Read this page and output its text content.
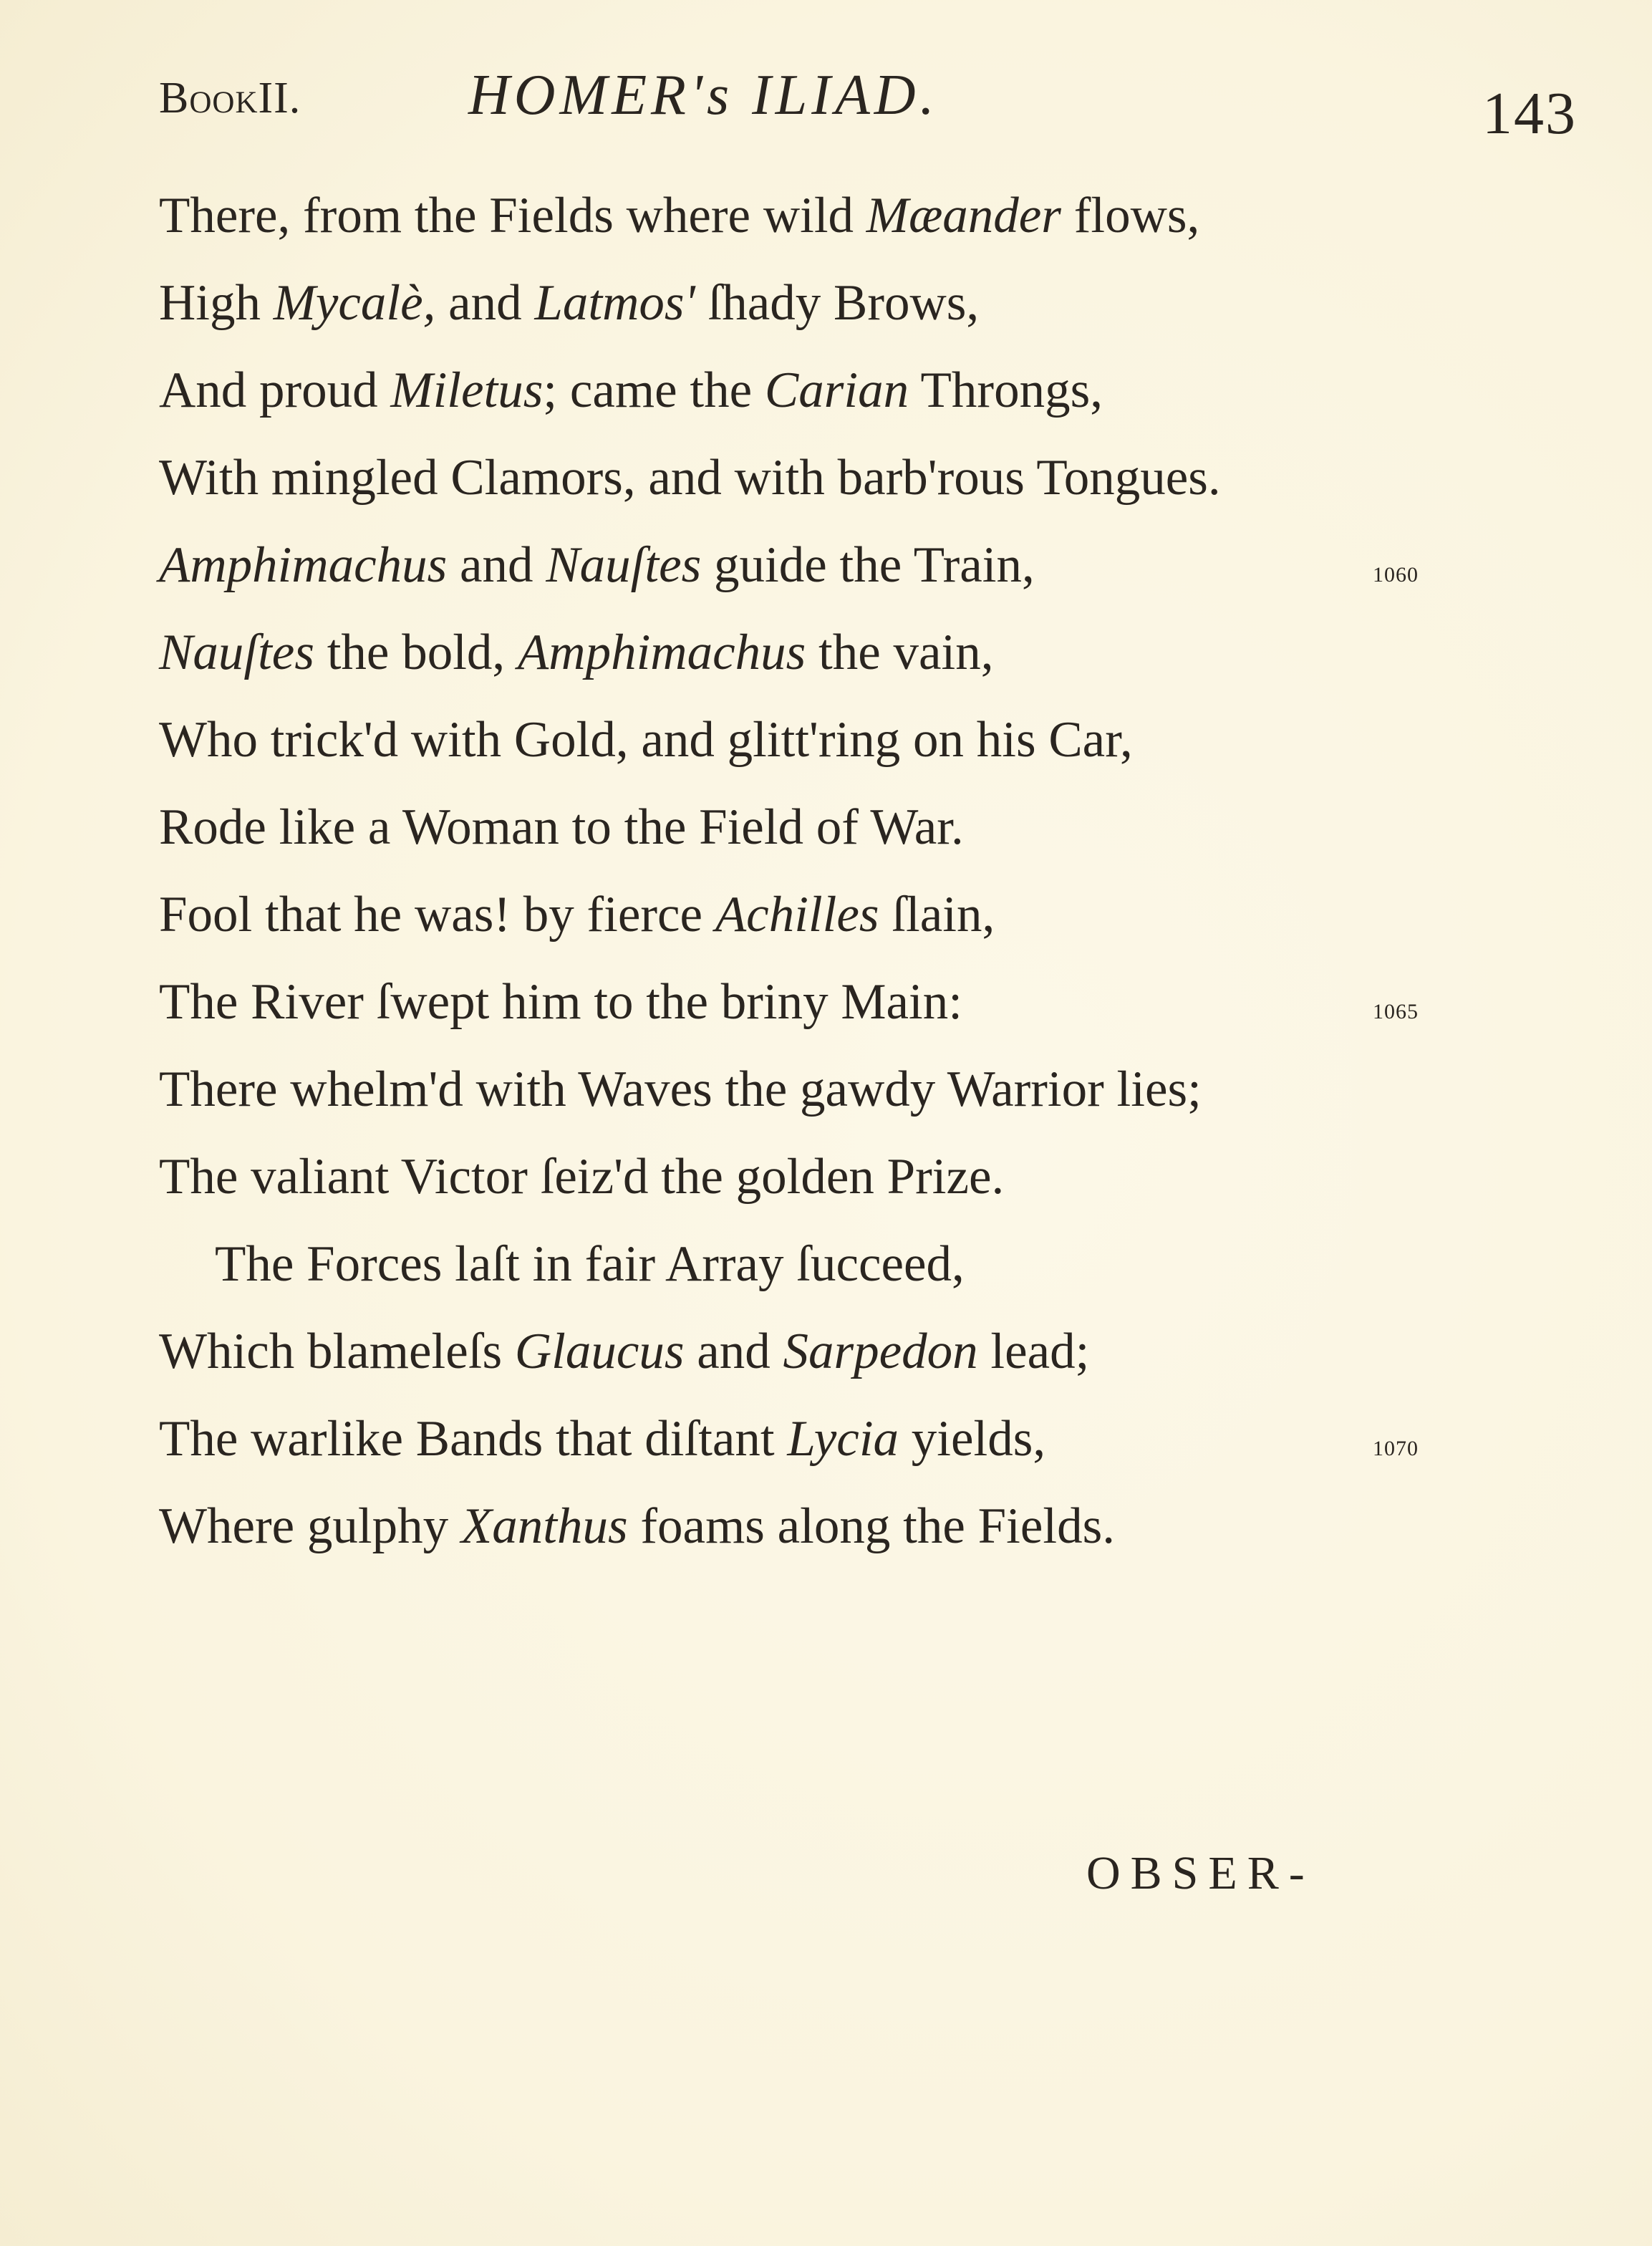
BookII.	HOMER's ILIAD.	143
There, from the Fields where wild Mæander flows,
High Mycalè, and Latmos' ſhady Brows,
And proud Miletus; came the Carian Throngs,
With mingled Clamors, and with barb'rous Tongues.
Amphimachus and Nauſtes guide the Train,	1060
Nauſtes the bold, Amphimachus the vain,
Who trick'd with Gold, and glitt'ring on his Car,
Rode like a Woman to the Field of War.
Fool that he was! by fierce Achilles ſlain,
The River ſwept him to the briny Main:	1065
There whelm'd with Waves the gawdy Warrior lies;
The valiant Victor ſeiz'd the golden Prize.
The Forces laſt in fair Array ſucceed,
Which blameleſs Glaucus and Sarpedon lead;
The warlike Bands that diſtant Lycia yields,	1070
Where gulphy Xanthus foams along the Fields.
OBSER-
